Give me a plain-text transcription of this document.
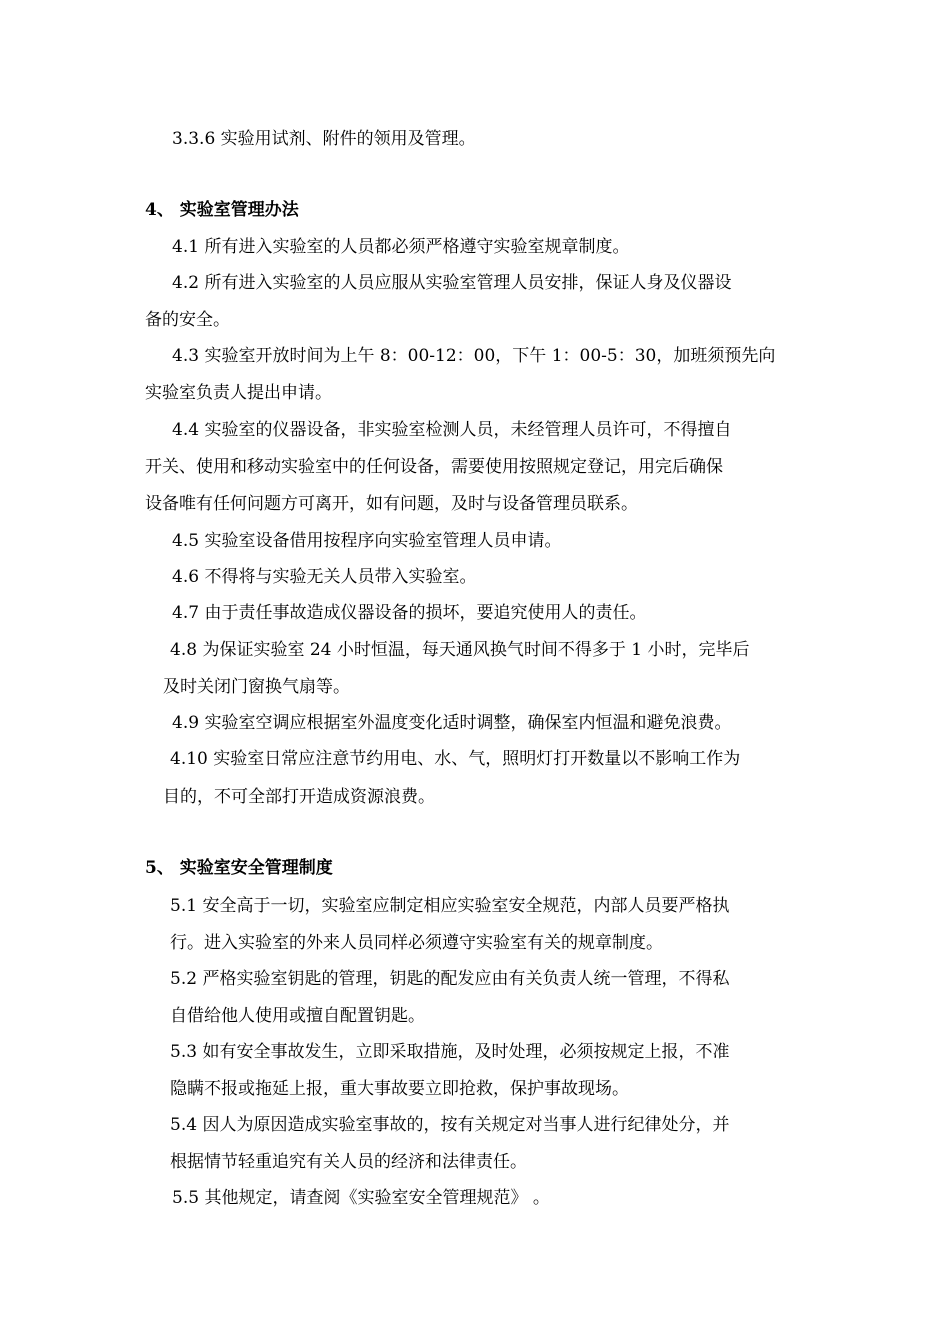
3.3.6 实验用试剂、附件的领用及管理。
4、 实验室管理办法
4.1 所有进入实验室的人员都必须严格遵守实验室规章制度。
4.2 所有进入实验室的人员应服从实验室管理人员安排，保证人身及仪器设
备的安全。
4.3 实验室开放时间为上午 8：00-12：00，下午 1：00-5：30，加班须预先向
实验室负责人提出申请。
4.4 实验室的仪器设备，非实验室检测人员，未经管理人员许可，不得擅自
开关、使用和移动实验室中的任何设备，需要使用按照规定登记，用完后确保
设备唯有任何问题方可离开，如有问题，及时与设备管理员联系。
4.5 实验室设备借用按程序向实验室管理人员申请。
4.6 不得将与实验无关人员带入实验室。
4.7 由于责任事故造成仪器设备的损坏，要追究使用人的责任。
4.8 为保证实验室 24 小时恒温，每天通风换气时间不得多于 1 小时，完毕后
及时关闭门窗换气扇等。
4.9 实验室空调应根据室外温度变化适时调整，确保室内恒温和避免浪费。
4.10 实验室日常应注意节约用电、水、气，照明灯打开数量以不影响工作为
目的，不可全部打开造成资源浪费。
5、 实验室安全管理制度
5.1 安全高于一切，实验室应制定相应实验室安全规范，内部人员要严格执
行。进入实验室的外来人员同样必须遵守实验室有关的规章制度。
5.2 严格实验室钥匙的管理，钥匙的配发应由有关负责人统一管理，不得私
自借给他人使用或擅自配置钥匙。
5.3 如有安全事故发生，立即采取措施，及时处理，必须按规定上报，不准
隐瞒不报或拖延上报，重大事故要立即抢救，保护事故现场。
5.4 因人为原因造成实验室事故的，按有关规定对当事人进行纪律处分，并
根据情节轻重追究有关人员的经济和法律责任。
5.5 其他规定，请查阅《实验室安全管理规范》 。
